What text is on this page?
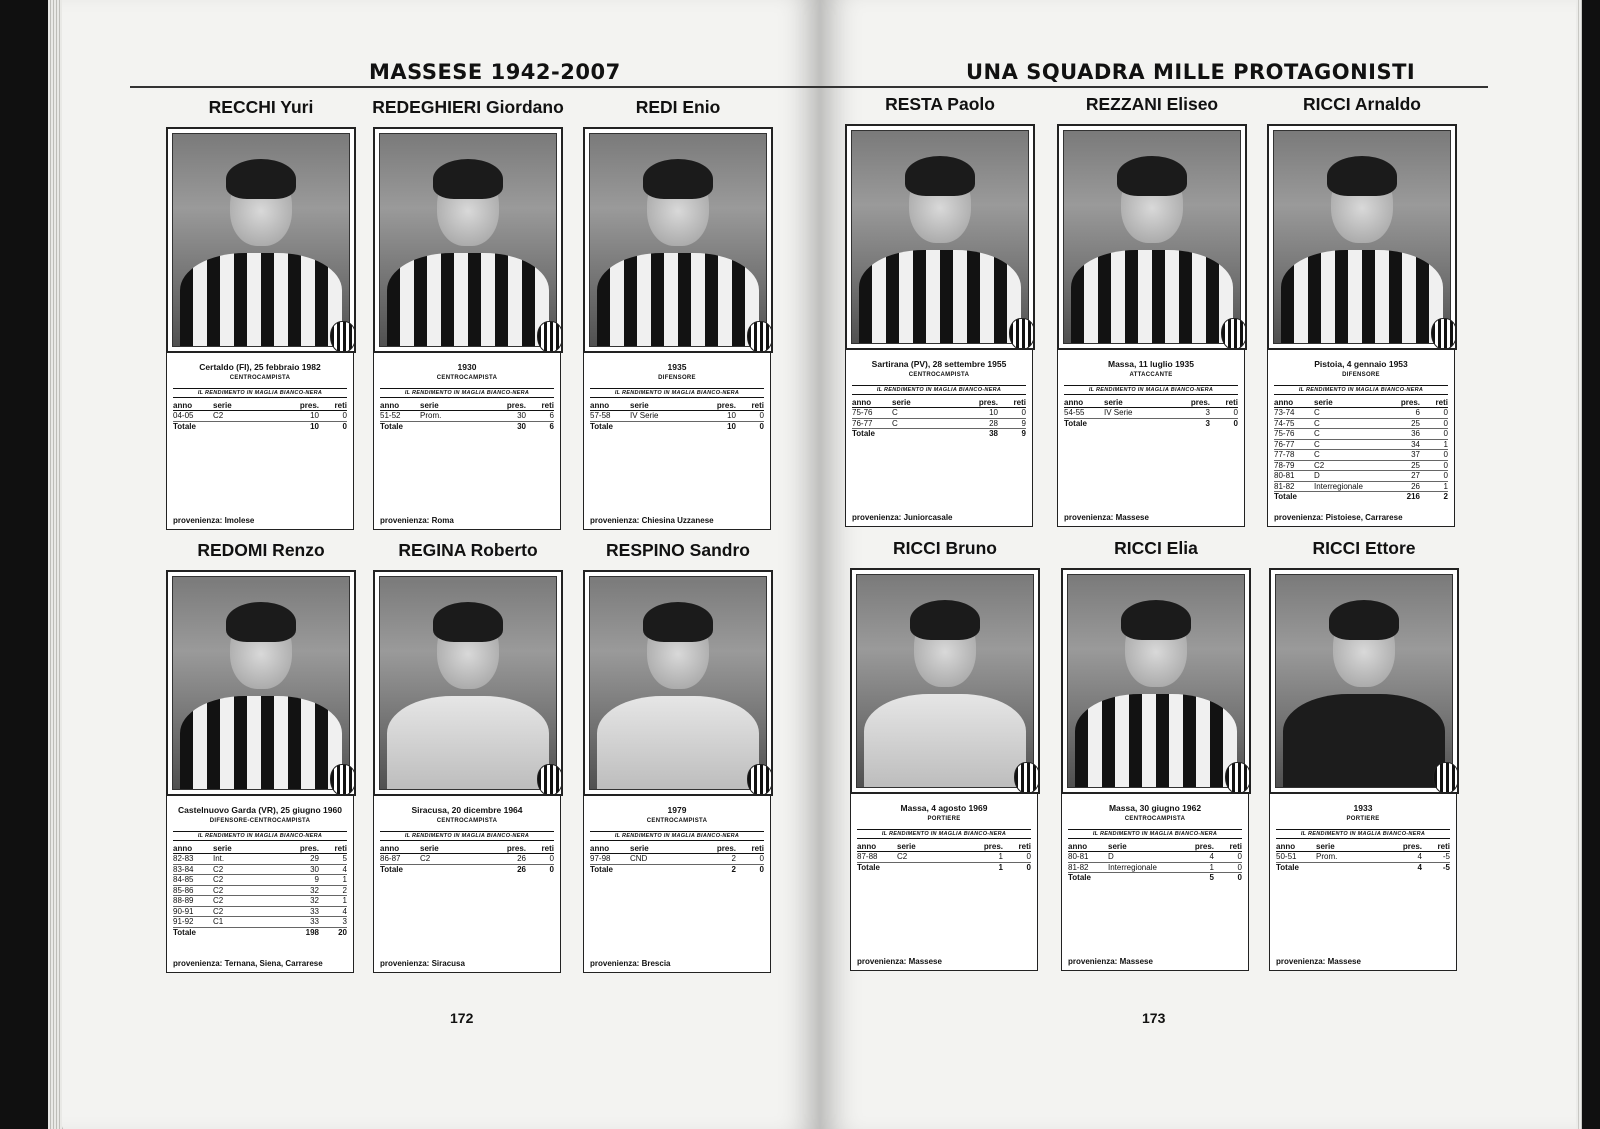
MASSESE 1942-2007
172
UNA SQUADRA MILLE PROTAGONISTI
173
RECCHI Yuri
Certaldo (FI), 25 febbraio 1982
CENTROCAMPISTA
IL RENDIMENTO IN MAGLIA BIANCO-NERA
anno	serie	pres.	reti
04-05	C2	10	0
Totale		10	0
provenienza: Imolese
REDEGHIERI Giordano
1930
CENTROCAMPISTA
IL RENDIMENTO IN MAGLIA BIANCO-NERA
anno	serie	pres.	reti
51-52	Prom.	30	6
Totale		30	6
provenienza: Roma
REDI Enio
1935
DIFENSORE
IL RENDIMENTO IN MAGLIA BIANCO-NERA
anno	serie	pres.	reti
57-58	IV Serie	10	0
Totale		10	0
provenienza: Chiesina Uzzanese
REDOMI Renzo
Castelnuovo Garda (VR), 25 giugno 1960
DIFENSORE-CENTROCAMPISTA
IL RENDIMENTO IN MAGLIA BIANCO-NERA
anno	serie	pres.	reti
82-83	Int.	29	5
83-84	C2	30	4
84-85	C2	9	1
85-86	C2	32	2
88-89	C2	32	1
90-91	C2	33	4
91-92	C1	33	3
Totale		198	20
provenienza: Ternana, Siena, Carrarese
REGINA Roberto
Siracusa, 20 dicembre 1964
CENTROCAMPISTA
IL RENDIMENTO IN MAGLIA BIANCO-NERA
anno	serie	pres.	reti
86-87	C2	26	0
Totale		26	0
provenienza: Siracusa
RESPINO Sandro
1979
CENTROCAMPISTA
IL RENDIMENTO IN MAGLIA BIANCO-NERA
anno	serie	pres.	reti
97-98	CND	2	0
Totale		2	0
provenienza: Brescia
RESTA Paolo
Sartirana (PV), 28 settembre 1955
CENTROCAMPISTA
IL RENDIMENTO IN MAGLIA BIANCO-NERA
anno	serie	pres.	reti
75-76	C	10	0
76-77	C	28	9
Totale		38	9
provenienza: Juniorcasale
REZZANI Eliseo
Massa, 11 luglio 1935
ATTACCANTE
IL RENDIMENTO IN MAGLIA BIANCO-NERA
anno	serie	pres.	reti
54-55	IV Serie	3	0
Totale		3	0
provenienza: Massese
RICCI Arnaldo
Pistoia, 4 gennaio 1953
DIFENSORE
IL RENDIMENTO IN MAGLIA BIANCO-NERA
anno	serie	pres.	reti
73-74	C	6	0
74-75	C	25	0
75-76	C	36	0
76-77	C	34	1
77-78	C	37	0
78-79	C2	25	0
80-81	D	27	0
81-82	Interregionale	26	1
Totale		216	2
provenienza: Pistoiese, Carrarese
RICCI Bruno
Massa, 4 agosto 1969
PORTIERE
IL RENDIMENTO IN MAGLIA BIANCO-NERA
anno	serie	pres.	reti
87-88	C2	1	0
Totale		1	0
provenienza: Massese
RICCI Elia
Massa, 30 giugno 1962
CENTROCAMPISTA
IL RENDIMENTO IN MAGLIA BIANCO-NERA
anno	serie	pres.	reti
80-81	D	4	0
81-82	Interregionale	1	0
Totale		5	0
provenienza: Massese
RICCI Ettore
1933
PORTIERE
IL RENDIMENTO IN MAGLIA BIANCO-NERA
anno	serie	pres.	reti
50-51	Prom.	4	-5
Totale		4	-5
provenienza: Massese
